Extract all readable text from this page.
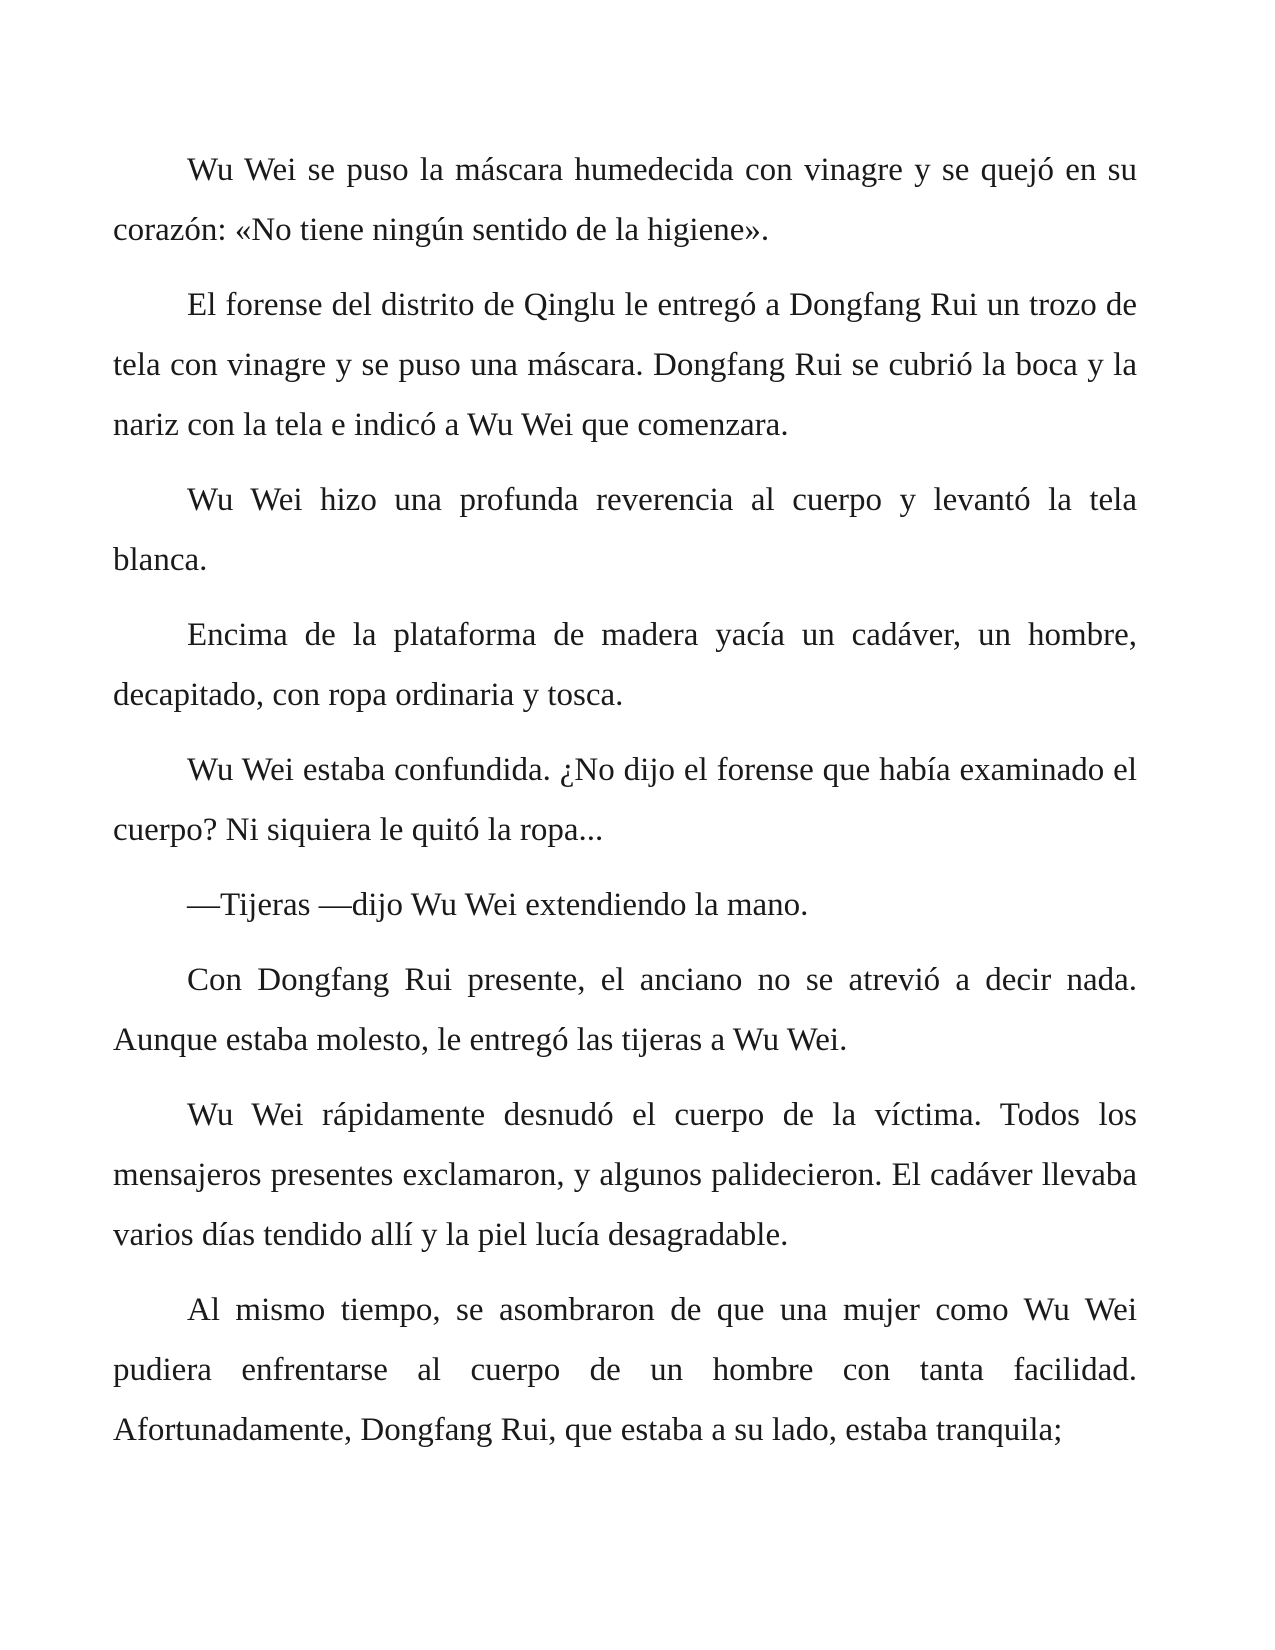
Wu Wei se puso la máscara humedecida con vinagre y se quejó en su corazón: «No tiene ningún sentido de la higiene».

El forense del distrito de Qinglu le entregó a Dongfang Rui un trozo de tela con vinagre y se puso una máscara. Dongfang Rui se cubrió la boca y la nariz con la tela e indicó a Wu Wei que comenzara.

Wu Wei hizo una profunda reverencia al cuerpo y levantó la tela blanca.

Encima de la plataforma de madera yacía un cadáver, un hombre, decapitado, con ropa ordinaria y tosca.

Wu Wei estaba confundida. ¿No dijo el forense que había examinado el cuerpo? Ni siquiera le quitó la ropa...

—Tijeras —dijo Wu Wei extendiendo la mano.

Con Dongfang Rui presente, el anciano no se atrevió a decir nada. Aunque estaba molesto, le entregó las tijeras a Wu Wei.

Wu Wei rápidamente desnudó el cuerpo de la víctima. Todos los mensajeros presentes exclamaron, y algunos palidecieron. El cadáver llevaba varios días tendido allí y la piel lucía desagradable.

Al mismo tiempo, se asombraron de que una mujer como Wu Wei pudiera enfrentarse al cuerpo de un hombre con tanta facilidad. Afortunadamente, Dongfang Rui, que estaba a su lado, estaba tranquila;
